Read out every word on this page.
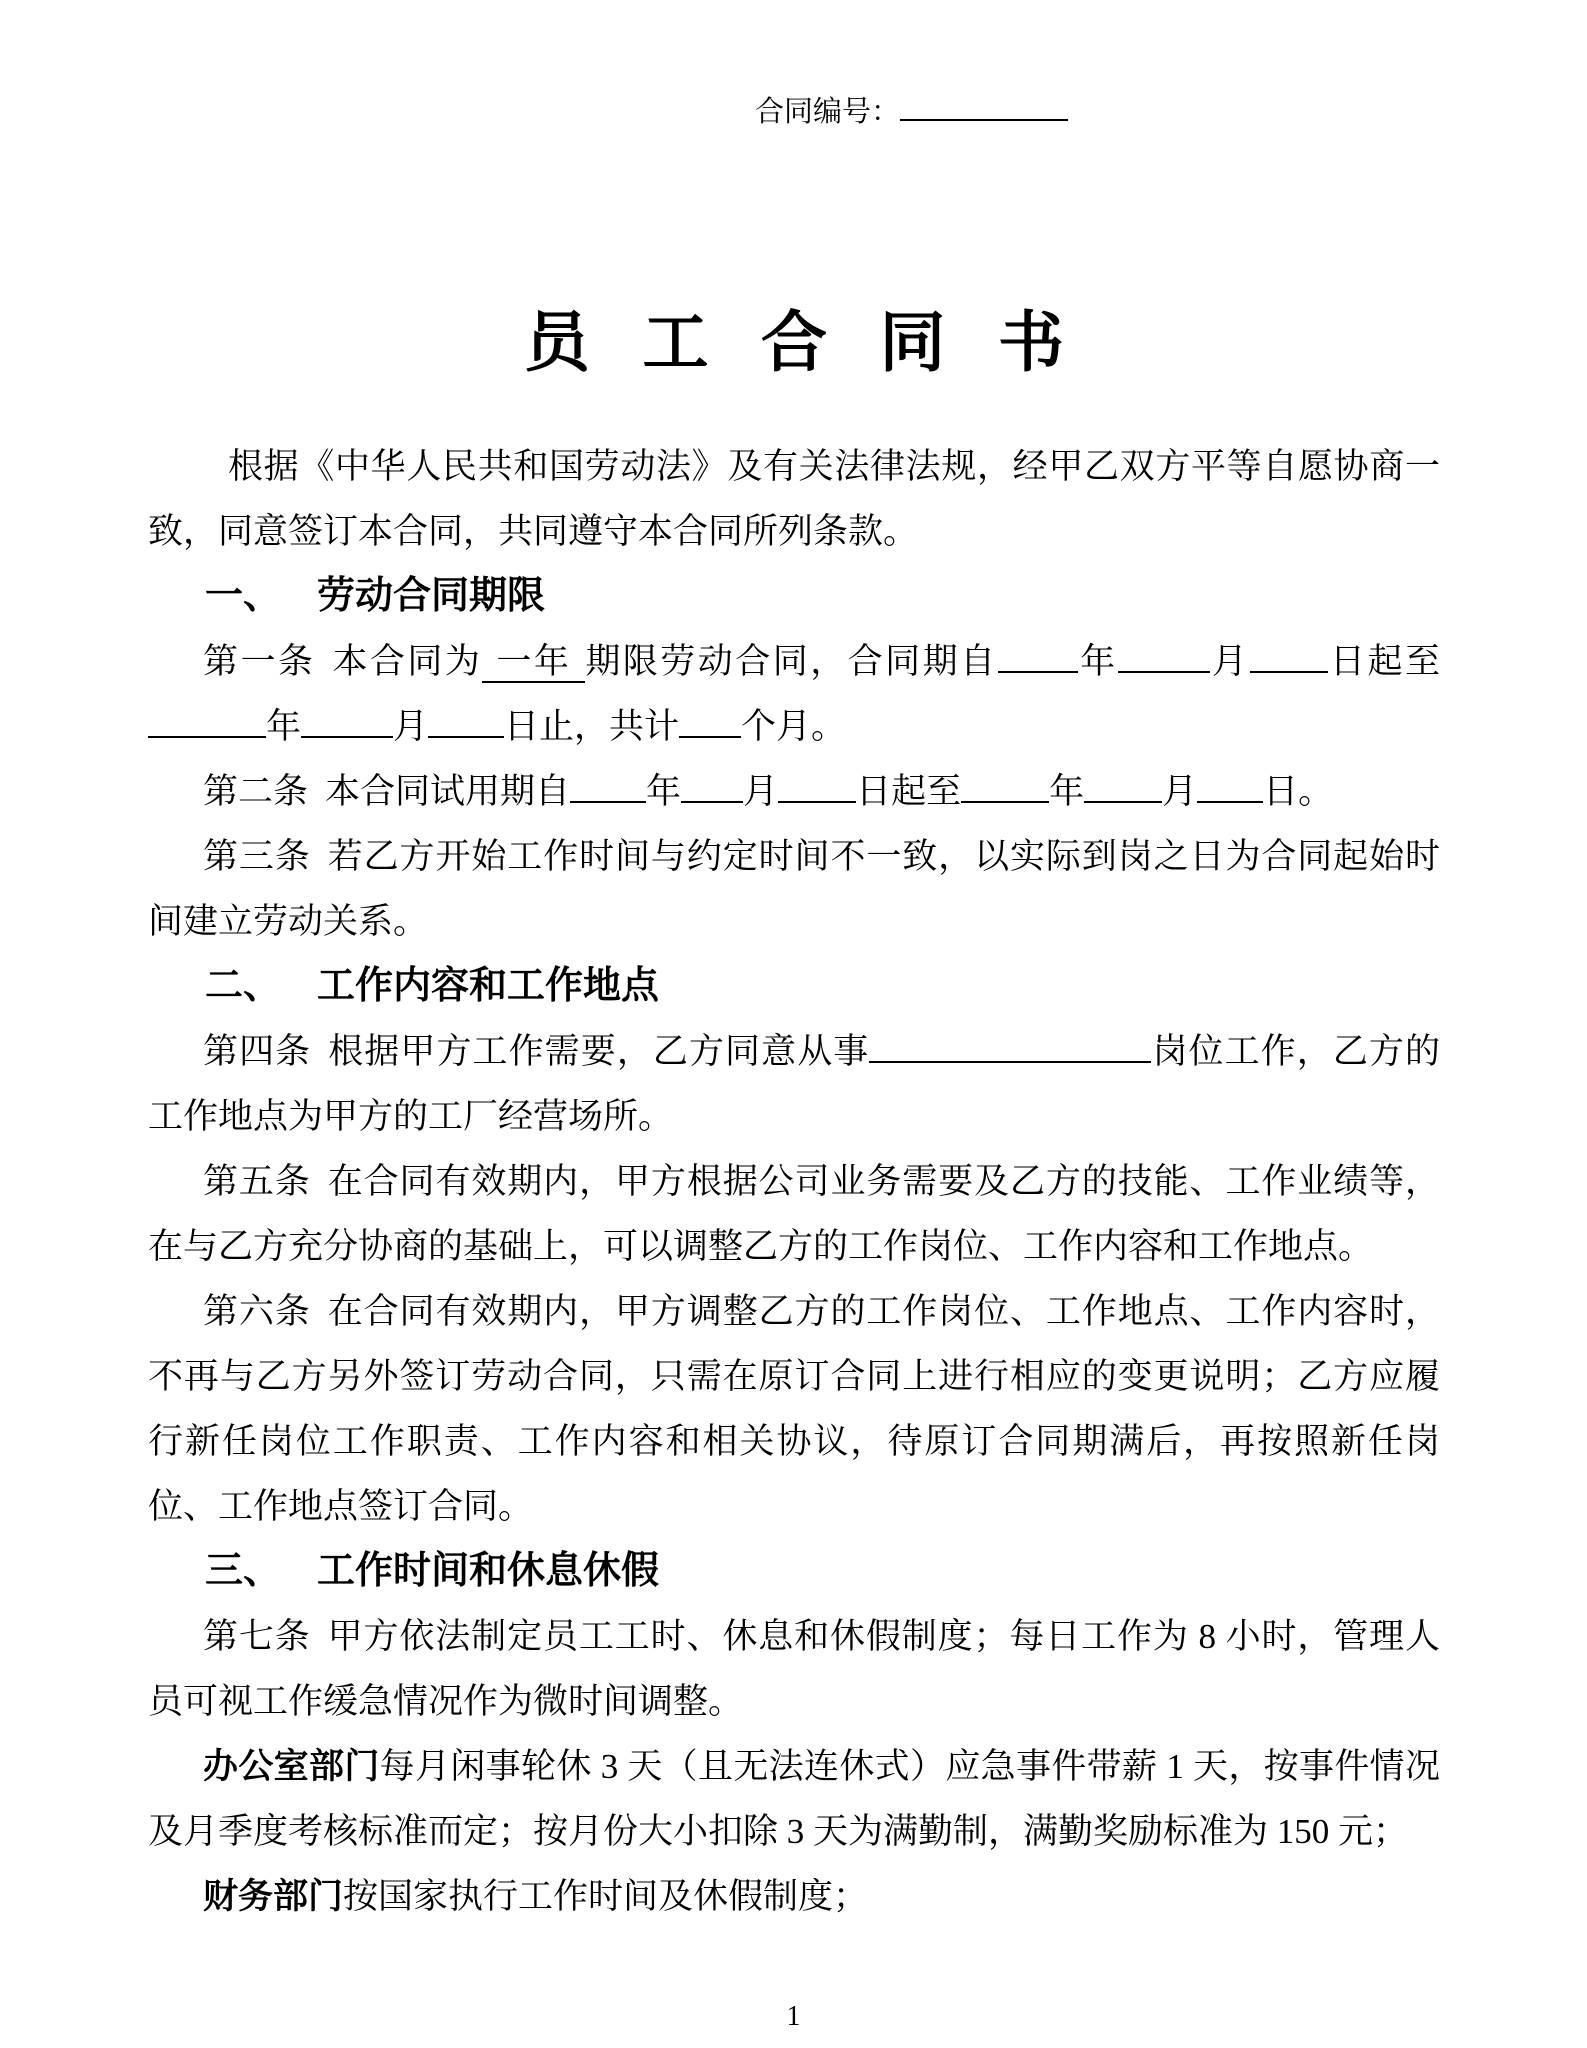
合同编号：
员 工 合 同 书

根据《中华人民共和国劳动法》及有关法律法规，经甲乙双方平等自愿协商一致，同意签订本合同，共同遵守本合同所列条款。

一、 劳动合同期限

第一条 本合同为 一年 期限劳动合同，合同期自 年	月 日起至年	月 日止，共计 个月。

第二条 本合同试用期自 年 月 日起至	年 月 日。

第三条 若乙方开始工作时间与约定时间不一致，以实际到岗之日为合同起始时间建立劳动关系。

二、 工作内容和工作地点

第四条 根据甲方工作需要，乙方同意从事	岗位工作，乙方的工作地点为甲方的工厂经营场所。

第五条 在合同有效期内，甲方根据公司业务需要及乙方的技能、工作业绩等，在与乙方充分协商的基础上，可以调整乙方的工作岗位、工作内容和工作地点。

第六条 在合同有效期内，甲方调整乙方的工作岗位、工作地点、工作内容时，不再与乙方另外签订劳动合同，只需在原订合同上进行相应的变更说明；乙方应履行新任岗位工作职责、工作内容和相关协议，待原订合同期满后，再按照新任岗位、工作地点签订合同。

三、 工作时间和休息休假

第七条 甲方依法制定员工工时、休息和休假制度；每日工作为 8 小时，管理人员可视工作缓急情况作为微时间调整。

办公室部门每月闲事轮休 3 天（且无法连休式）应急事件带薪 1 天，按事件情况及月季度考核标准而定；按月份大小扣除 3 天为满勤制，满勤奖励标准为 150 元；

财务部门按国家执行工作时间及休假制度；

1
